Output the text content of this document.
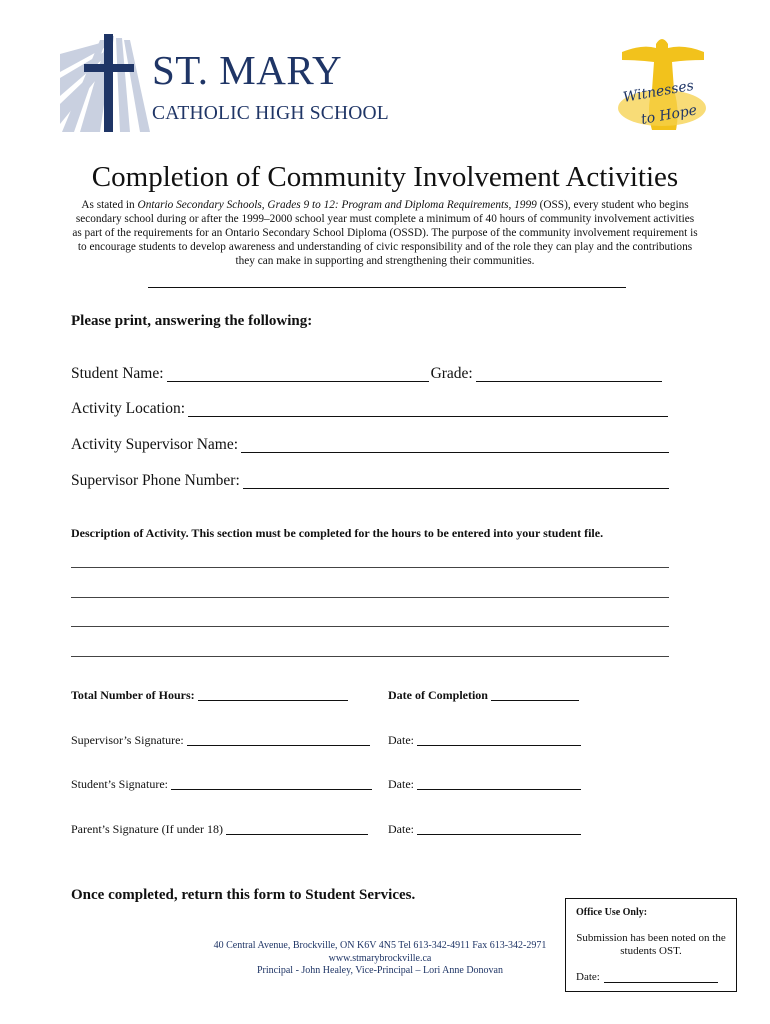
ST. MARY
CATHOLIC HIGH SCHOOL
Witnesses
to Hope
Completion of Community Involvement Activities
As stated in Ontario Secondary Schools, Grades 9 to 12: Program and Diploma Requirements, 1999 (OSS), every student who begins secondary school during or after the 1999–2000 school year must complete a minimum of 40 hours of community involvement activities as part of the requirements for an Ontario Secondary School Diploma (OSSD). The purpose of the community involvement requirement is to encourage students to develop awareness and understanding of civic responsibility and of the role they can play and the contributions they can make in supporting and strengthening their communities.
Please print, answering the following:
Student Name:	Grade:
Activity Location:
Activity Supervisor Name:
Supervisor Phone Number:
Description of Activity. This section must be completed for the hours to be entered into your student file.
Total Number of Hours:	Date of Completion
Supervisor’s Signature:	Date:
Student’s Signature:	Date:
Parent’s Signature (If under 18)	Date:
Once completed, return this form to Student Services.
40 Central Avenue, Brockville, ON K6V 4N5 Tel 613-342-4911 Fax 613-342-2971
www.stmarybrockville.ca
Principal - John Healey, Vice-Principal – Lori Anne Donovan
Office Use Only:
Submission has been noted on the students OST.
Date:
